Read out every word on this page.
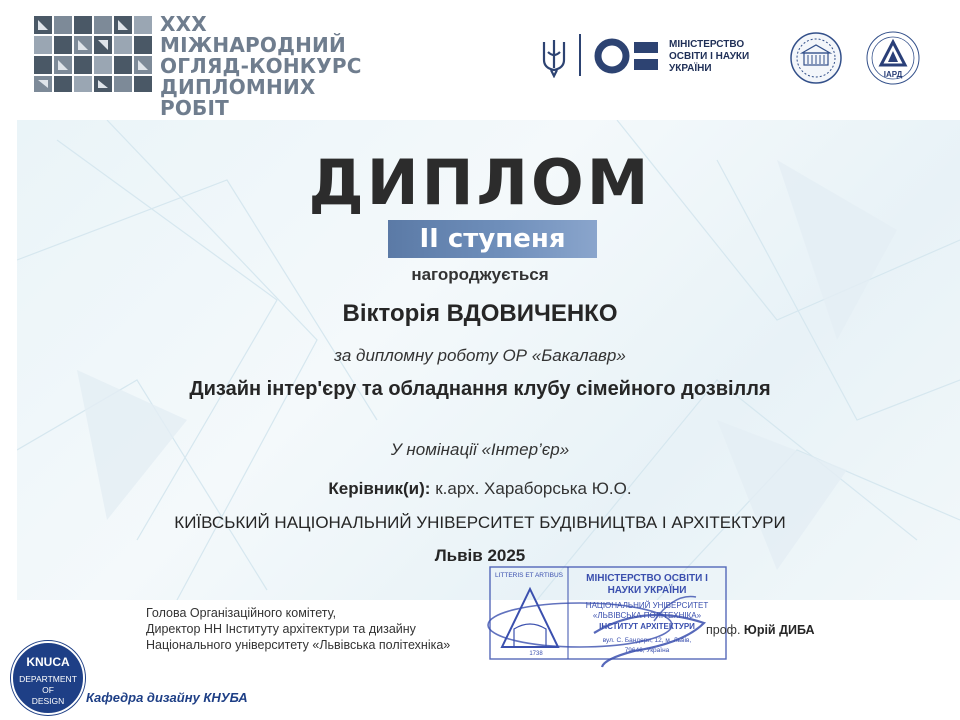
XXX МІЖНАРОДНИЙ
ОГЛЯД-КОНКУРС
ДИПЛОМНИХ РОБІТ
МІНІСТЕРСТВО
ОСВІТИ І НАУКИ
УКРАЇНИ
ІАРД
ДИПЛОМ
II ступеня
нагороджується
Вікторія ВДОВИЧЕНКО
за дипломну роботу ОР «Бакалавр»
Дизайн інтер'єру та обладнання клубу сімейного дозвілля
У номінації «Інтер’єр»
Керівник(и): к.арх. Хараборська Ю.О.
КИЇВСЬКИЙ НАЦІОНАЛЬНИЙ УНІВЕРСИТЕТ БУДІВНИЦТВА І АРХІТЕКТУРИ
Львів 2025
Голова Організаційного комітету,
Директор НН Інституту архітектури та дизайну
Національного університету «Львівська політехніка»
LITTERIS ET ARTIBUS МІНІСТЕРСТВО ОСВІТИ І
НАУКИ УКРАЇНИ
НАЦІОНАЛЬНИЙ УНІВЕРСИТЕТ
«ЛЬВІВСЬКА ПОЛІТЕХНІКА»
ІНСТИТУТ АРХІТЕКТУРИ
вул. С. Бандери, 12, м. Львів,
79646, Україна
1738
проф. Юрій ДИБА
KNUCA
DEPARTMENT
OF
DESIGN	Кафедра дизайну КНУБА
